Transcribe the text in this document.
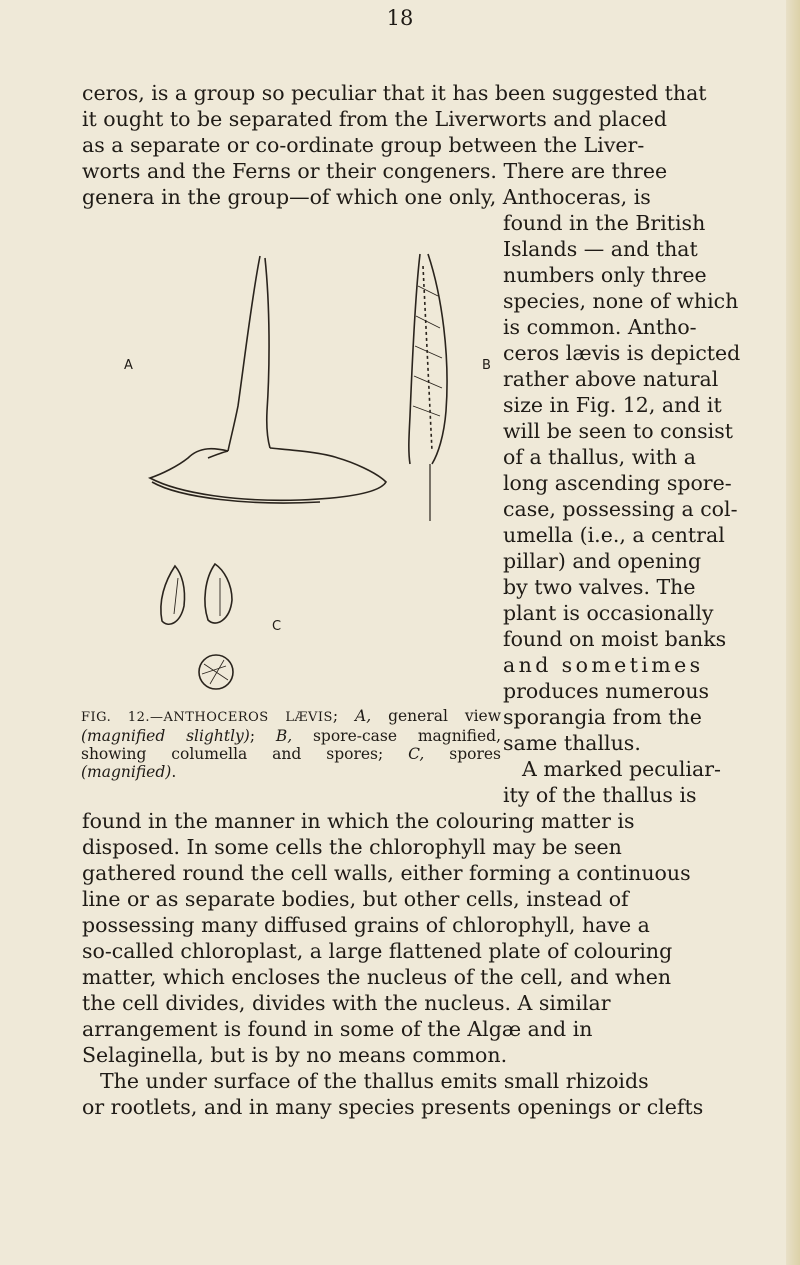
18
ceros, is a group so peculiar that it has been suggested that
it ought to be separated from the Liverworts and placed
as a separate or co-ordinate group between the Liver-
worts and the Ferns or their congeners. There are three
genera in the group—of which one only, Anthoceras, is
found in the British
Islands — and that
numbers only three
species, none of which
is common. Antho-
ceros lævis is depicted
rather above natural
size in Fig. 12, and it
will be seen to consist
of a thallus, with a
long ascending spore-
case, possessing a col-
umella (i.e., a central
pillar) and opening
by two valves. The
plant is occasionally
found on moist banks
and sometimes
produces numerous
sporangia from the
same thallus.
A marked peculiar-
ity of the thallus is
A	B
C
FIG. 12.—ANTHOCEROS LÆVIS; A, general view (magnified slightly); B, spore-case magnified, showing columella and spores; C, spores (magnified).
found in the manner in which the colouring matter is
disposed. In some cells the chlorophyll may be seen
gathered round the cell walls, either forming a continuous
line or as separate bodies, but other cells, instead of
possessing many diffused grains of chlorophyll, have a
so-called chloroplast, a large flattened plate of colouring
matter, which encloses the nucleus of the cell, and when
the cell divides, divides with the nucleus. A similar
arrangement is found in some of the Algæ and in
Selaginella, but is by no means common.
The under surface of the thallus emits small rhizoids
or rootlets, and in many species presents openings or clefts
